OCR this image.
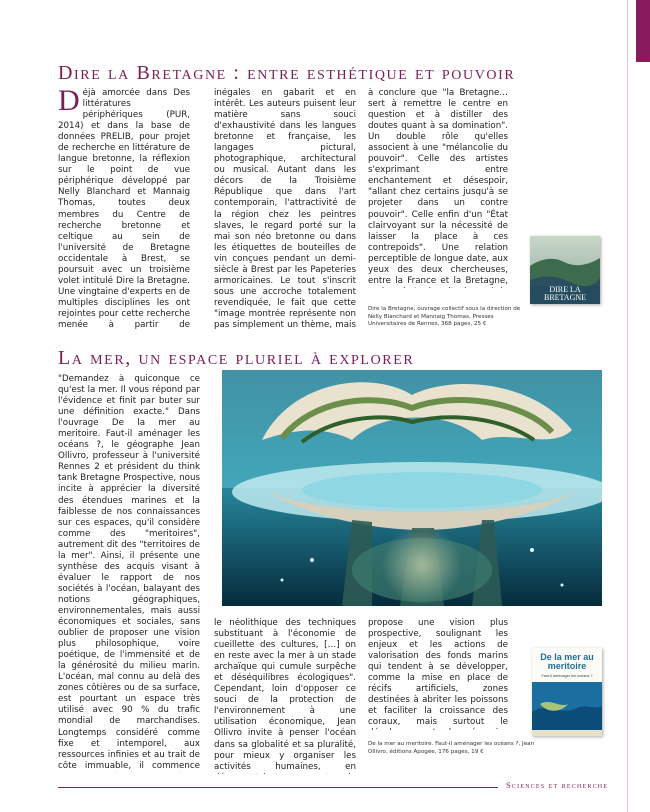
Dire la Bretagne : entre esthétique et pouvoir
D éjà amorcée dans Des littératures périphériques (PUR, 2014) et dans la base de données PRELIB, pour projet de recherche en littérature de langue bretonne, la réflexion sur le point de vue périphérique développé par Nelly Blanchard et Mannaig Thomas, toutes deux membres du Centre de recherche bretonne et celtique au sein de l'université de Bretagne occidentale à Brest, se poursuit avec un troisième volet intitulé Dire la Bretagne. Une vingtaine d'experts en de multiples disciplines les ont rejointes pour cette recherche menée à partir de

inégales en gabarit et en intérêt. Les auteurs puisent leur matière sans souci d'exhaustivité dans les langues bretonne et française, les langages pictural, photographique, architectural ou musical. Autant dans les décors de la Troisième République que dans l'art contemporain, l'attractivité de la région chez les peintres slaves, le regard porté sur la mai son néo bretonne ou dans les étiquettes de bouteilles de vin conçues pendant un demi-siècle à Brest par les Papeteries armoricaines. Le tout s'inscrit sous une accroche totalement revendiquée, le fait que cette "image montrée représente non pas simplement un thème, mais

à conclure que "la Bretagne… sert à remettre le centre en question et à distiller des doutes quant à sa domination". Un double rôle qu'elles associent à une "mélancolie du pouvoir". Celle des artistes s'exprimant entre enchantement et désespoir, "allant chez certains jusqu'à se projeter dans un contre pouvoir". Celle enfin d'un "État clairvoyant sur la nécessité de laisser la place à ces contrepoids". Une relation perceptible de longue date, aux yeux des deux chercheuses, entre la France et la Bretagne,

DIRE LA BRETAGNE
Dire la Bretagne, ouvrage collectif sous la direction de Nelly Blanchard et Mannaig Thomas, Presses Universitaires de Rennes, 368 pages, 25 €
La mer, un espace pluriel à explorer

"Demandez à quiconque ce qu'est la mer. Il vous répond par l'évidence et finit par buter sur une définition exacte." Dans l'ouvrage De la mer au meritoire. Faut-il aménager les océans ?, le géographe Jean Ollivro, professeur à l'université Rennes 2 et président du think tank Bretagne Prospective, nous incite à apprécier la diversité des étendues marines et la faiblesse de nos connaissances sur ces espaces, qu'il considère comme des "meritoires", autrement dit des "territoires de la mer". Ainsi, il présente une synthèse des acquis visant à évaluer le rapport de nos sociétés à l'océan, balayant des notions géographiques, environnementales, mais aussi économiques et sociales, sans oublier de proposer une vision plus philosophique, voire poétique, de l'immensité et de la générosité du milieu marin. L'océan, mal connu au delà des zones côtières ou de sa surface, est pourtant un espace très utilisé avec 90 % du trafic mondial de marchandises. Longtemps considéré comme fixe et intemporel, aux ressources infinies et au trait de côte immuable, il commence

le néolithique des techniques substituant à l'économie de cueillette des cultures, […] on en reste avec la mer à un stade archaïque qui cumule surpêche et déséquilibres écologiques". Cependant, loin d'opposer ce souci de la protection de l'environnement à une utilisation économique, Jean Ollivro invite à penser l'océan dans sa globalité et sa pluralité, pour mieux y organiser les activités humaines, en

propose une vision plus prospective, soulignant les enjeux et les actions de valorisation des fonds marins qui tendent à se développer, comme la mise en place de récifs artificiels, zones destinées à abriter les poissons et faciliter la croissance des coraux, mais surtout le

De la mer au meritoire
Faut-il aménager les océans ?
De la mer au meritoire. Faut-il aménager les océans ?, Jean Ollivro, éditions Apogée, 176 pages, 19 €
Sciences et recherche
